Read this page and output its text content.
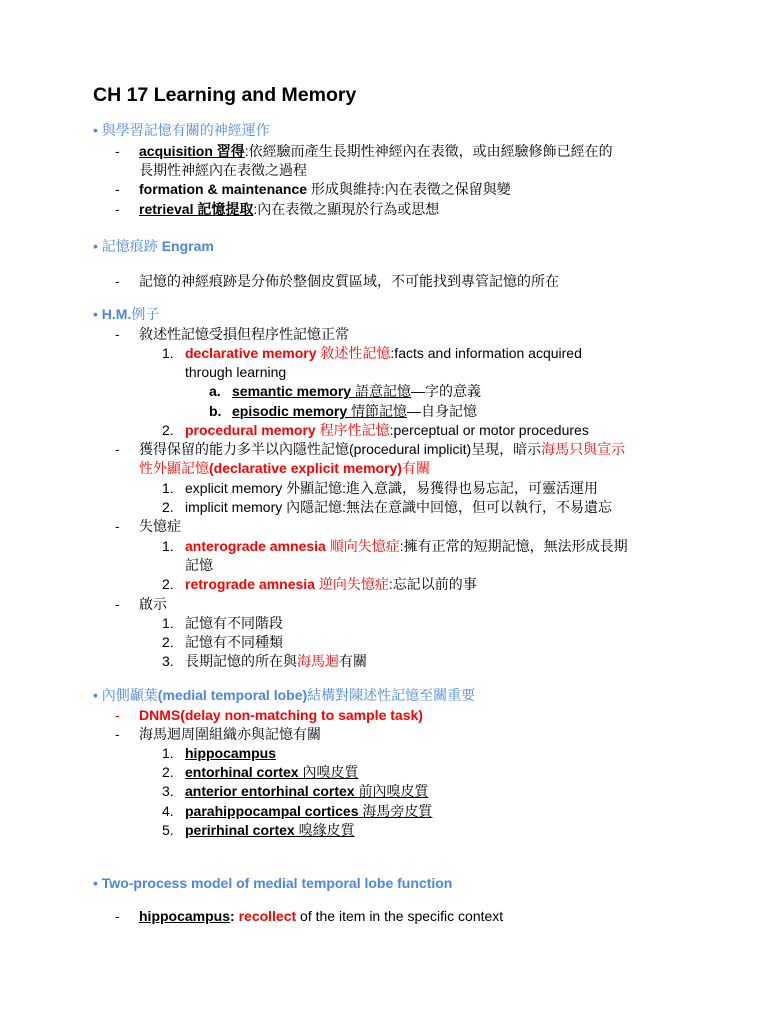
CH 17 Learning and Memory
• 與學習記憶有關的神經運作
- acquisition 習得:依經驗而產生長期性神經內在表徵，或由經驗修飾已經在的
長期性神經內在表徵之過程
- formation & maintenance 形成與維持:內在表徵之保留與變
- retrieval 記憶提取:內在表徵之顯現於行為或思想
• 記憶痕跡 Engram
- 記憶的神經痕跡是分佈於整個皮質區域，不可能找到專管記憶的所在
• H.M.例子
- 敘述性記憶受損但程序性記憶正常
1. declarative memory 敘述性記憶:facts and information acquired
through learning
a. semantic memory 語意記憶—字的意義
b. episodic memory 情節記憶—自身記憶
2. procedural memory 程序性記憶:perceptual or motor procedures
- 獲得保留的能力多半以內隱性記憶(procedural implicit)呈現，暗示海馬只與宣示
性外顯記憶(declarative explicit memory)有關
1. explicit memory 外顯記憶:進入意識，易獲得也易忘記，可靈活運用
2. implicit memory 內隱記憶:無法在意識中回憶，但可以執行，不易遺忘
- 失憶症
1. anterograde amnesia 順向失憶症:擁有正常的短期記憶，無法形成長期
記憶
2. retrograde amnesia 逆向失憶症:忘記以前的事
- 啟示
1. 記憶有不同階段
2. 記憶有不同種類
3. 長期記憶的所在與海馬迴有關
• 內側顳葉(medial temporal lobe)結構對陳述性記憶至關重要
- DNMS(delay non-matching to sample task)
- 海馬迴周圍組織亦與記憶有關
1. hippocampus
2. entorhinal cortex 內嗅皮質
3. anterior entorhinal cortex 前內嗅皮質
4. parahippocampal cortices 海馬旁皮質
5. perirhinal cortex 嗅緣皮質
• Two-process model of medial temporal lobe function
- hippocampus: recollect of the item in the specific context
